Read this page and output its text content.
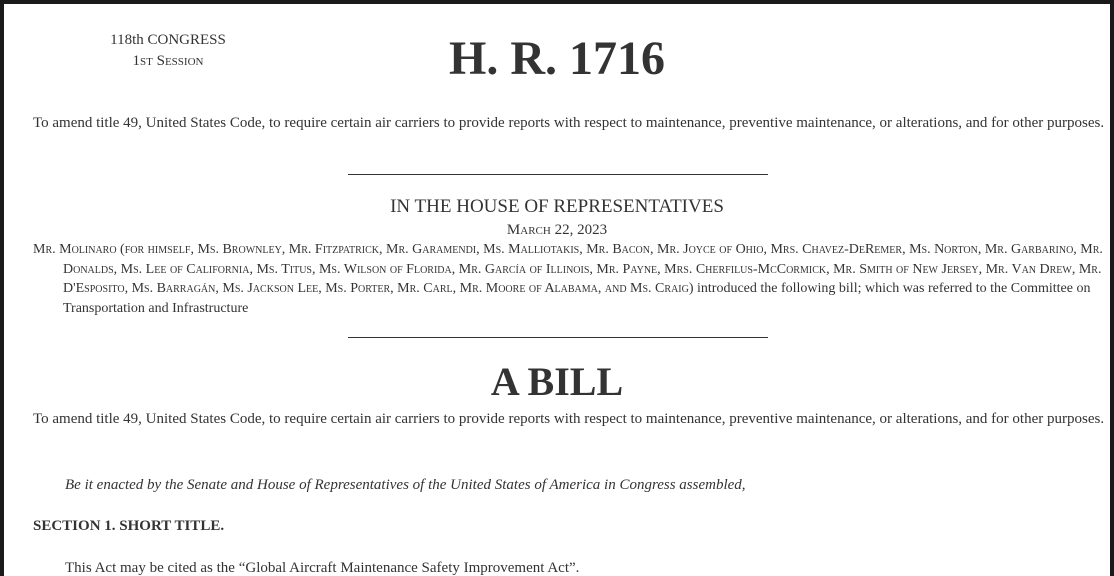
118th CONGRESS
1st Session	H. R. 1716
To amend title 49, United States Code, to require certain air carriers to provide reports with respect to maintenance, preventive maintenance, or alterations, and for other purposes.
IN THE HOUSE OF REPRESENTATIVES
March 22, 2023
Mr. Molinaro (for himself, Ms. Brownley, Mr. Fitzpatrick, Mr. Garamendi, Ms. Malliotakis, Mr. Bacon, Mr. Joyce of Ohio, Mrs. Chavez-DeRemer, Ms. Norton, Mr. Garbarino, Mr. Donalds, Ms. Lee of California, Ms. Titus, Ms. Wilson of Florida, Mr. García of Illinois, Mr. Payne, Mrs. Cherfilus-McCormick, Mr. Smith of New Jersey, Mr. Van Drew, Mr. D'Esposito, Ms. Barragán, Ms. Jackson Lee, Ms. Porter, Mr. Carl, Mr. Moore of Alabama, and Ms. Craig) introduced the following bill; which was referred to the Committee on Transportation and Infrastructure
A BILL
To amend title 49, United States Code, to require certain air carriers to provide reports with respect to maintenance, preventive maintenance, or alterations, and for other purposes.
Be it enacted by the Senate and House of Representatives of the United States of America in Congress assembled,
SECTION 1. SHORT TITLE.
This Act may be cited as the “Global Aircraft Maintenance Safety Improvement Act”.
